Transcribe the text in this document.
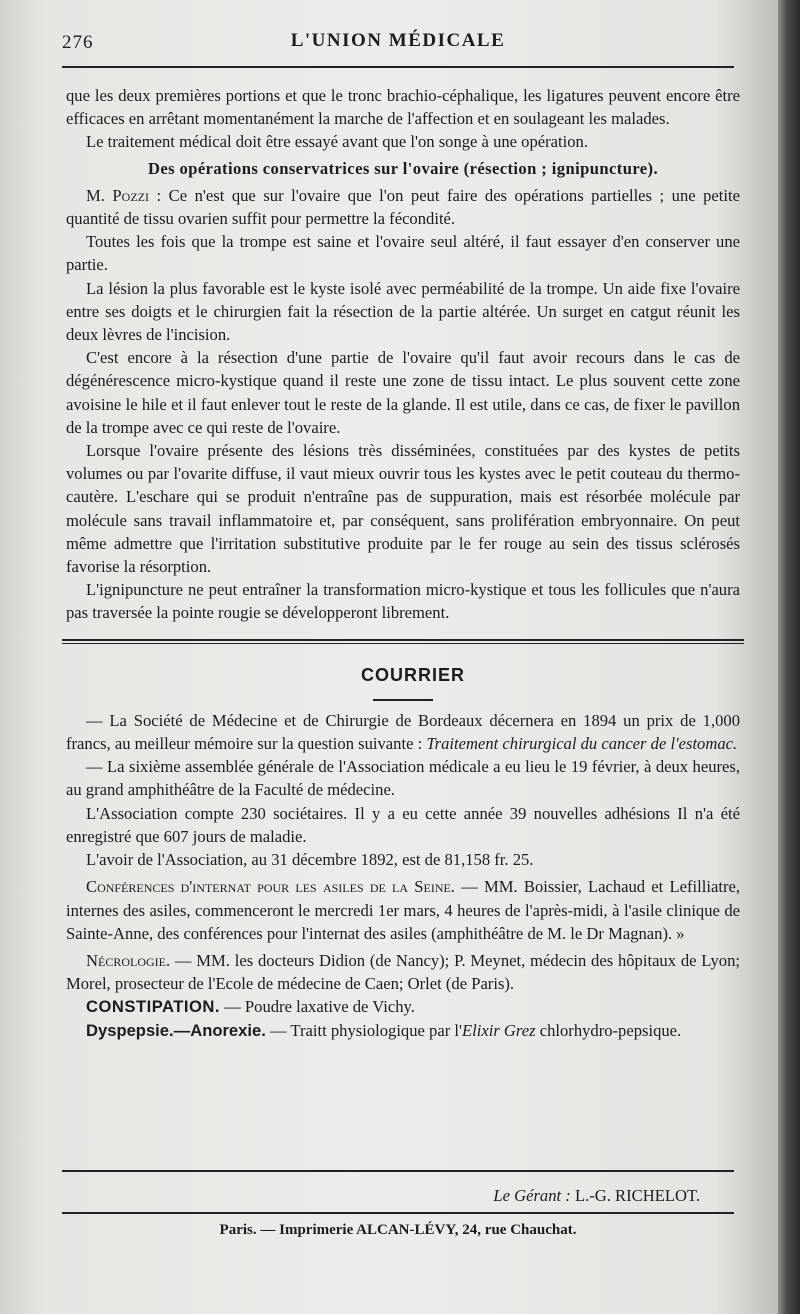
276	L'UNION MÉDICALE

que les deux premières portions et que le tronc brachio-céphalique, les ligatures peuvent encore être efficaces en arrêtant momentanément la marche de l'affection et en soulageant les malades.

Le traitement médical doit être essayé avant que l'on songe à une opération.

Des opérations conservatrices sur l'ovaire (résection ; ignipuncture).

M. Pozzi : Ce n'est que sur l'ovaire que l'on peut faire des opérations partielles ; une petite quantité de tissu ovarien suffit pour permettre la fécondité.

Toutes les fois que la trompe est saine et l'ovaire seul altéré, il faut essayer d'en conserver une partie.

La lésion la plus favorable est le kyste isolé avec perméabilité de la trompe. Un aide fixe l'ovaire entre ses doigts et le chirurgien fait la résection de la partie altérée. Un surget en catgut réunit les deux lèvres de l'incision.

C'est encore à la résection d'une partie de l'ovaire qu'il faut avoir recours dans le cas de dégénérescence micro-kystique quand il reste une zone de tissu intact. Le plus souvent cette zone avoisine le hile et il faut enlever tout le reste de la glande. Il est utile, dans ce cas, de fixer le pavillon de la trompe avec ce qui reste de l'ovaire.

Lorsque l'ovaire présente des lésions très disséminées, constituées par des kystes de petits volumes ou par l'ovarite diffuse, il vaut mieux ouvrir tous les kystes avec le petit couteau du thermo-cautère. L'eschare qui se produit n'entraîne pas de suppuration, mais est résorbée molécule par molécule sans travail inflammatoire et, par conséquent, sans prolifération embryonnaire. On peut même admettre que l'irritation substitutive produite par le fer rouge au sein des tissus sclérosés favorise la résorption.

L'ignipuncture ne peut entraîner la transformation micro-kystique et tous les follicules que n'aura pas traversée la pointe rougie se développeront librement.

COURRIER

— La Société de Médecine et de Chirurgie de Bordeaux décernera en 1894 un prix de 1,000 francs, au meilleur mémoire sur la question suivante : Traitement chirurgical du cancer de l'estomac.

— La sixième assemblée générale de l'Association médicale a eu lieu le 19 février, à deux heures, au grand amphithéâtre de la Faculté de médecine.

L'Association compte 230 sociétaires. Il y a eu cette année 39 nouvelles adhésions Il n'a été enregistré que 607 jours de maladie.

L'avoir de l'Association, au 31 décembre 1892, est de 81,158 fr. 25.

Conférences d'internat pour les asiles de la Seine. — MM. Boissier, Lachaud et Lefilliatre, internes des asiles, commenceront le mercredi 1er mars, 4 heures de l'après-midi, à l'asile clinique de Sainte-Anne, des conférences pour l'internat des asiles (amphithéâtre de M. le Dr Magnan). »

Nécrologie. — MM. les docteurs Didion (de Nancy); P. Meynet, médecin des hôpitaux de Lyon; Morel, prosecteur de l'Ecole de médecine de Caen; Orlet (de Paris).

CONSTIPATION. — Poudre laxative de Vichy.

Dyspepsie.—Anorexie. — Traitt physiologique par l'Elixir Grez chlorhydro-pepsique.

Le Gérant : L.-G. RICHELOT.
Paris. — Imprimerie ALCAN-LÉVY, 24, rue Chauchat.
